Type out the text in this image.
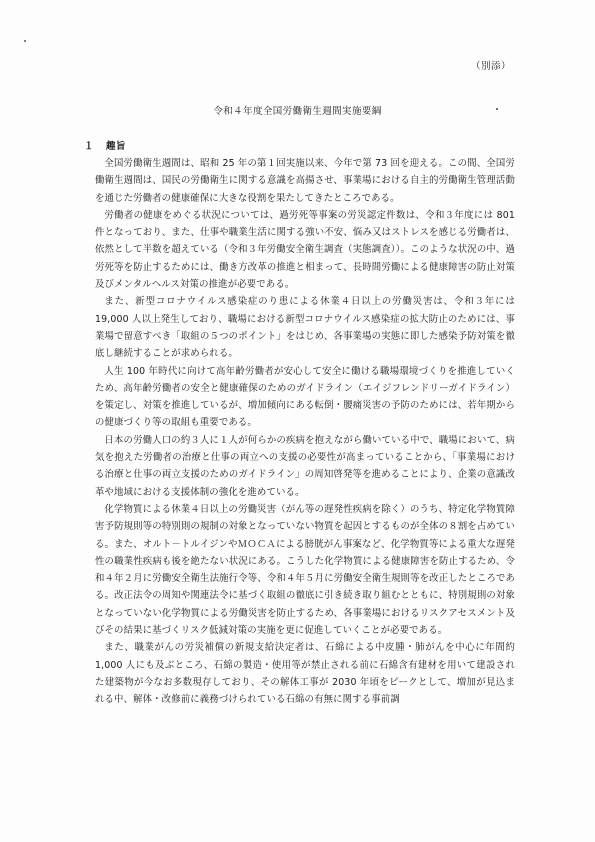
（別添）
令和４年度全国労働衛生週間実施要綱
１ 趣旨

全国労働衛生週間は、昭和 25 年の第１回実施以来、今年で第 73 回を迎える。この間、全国労働衛生週間は、国民の労働衛生に関する意識を高揚させ、事業場における自主的労働衛生管理活動を通じた労働者の健康確保に大きな役割を果たしてきたところである。

労働者の健康をめぐる状況については、過労死等事案の労災認定件数は、令和３年度には 801 件となっており、また、仕事や職業生活に関する強い不安、悩み又はストレスを感じる労働者は、依然として半数を超えている（令和３年労働安全衛生調査（実態調査））。このような状況の中、過労死等を防止するためには、働き方改革の推進と相まって、長時間労働による健康障害の防止対策及びメンタルヘルス対策の推進が必要である。

また、新型コロナウイルス感染症のり患による休業４日以上の労働災害は、令和３年には 19,000 人以上発生しており、職場における新型コロナウイルス感染症の拡大防止のためには、事業場で留意すべき「取組の５つのポイント」をはじめ、各事業場の実態に即した感染予防対策を徹底し継続することが求められる。

人生 100 年時代に向けて高年齢労働者が安心して安全に働ける職場環境づくりを推進していくため、高年齢労働者の安全と健康確保のためのガイドライン（エイジフレンドリーガイドライン）を策定し、対策を推進しているが、増加傾向にある転倒・腰痛災害の予防のためには、若年期からの健康づくり等の取組も重要である。

日本の労働人口の約３人に１人が何らかの疾病を抱えながら働いている中で、職場において、病気を抱えた労働者の治療と仕事の両立への支援の必要性が高まっていることから、「事業場における治療と仕事の両立支援のためのガイドライン」の周知啓発等を進めることにより、企業の意識改革や地域における支援体制の強化を進めている。

化学物質による休業４日以上の労働災害（がん等の遅発性疾病を除く）のうち、特定化学物質障害予防規則等の特別則の規制の対象となっていない物質を起因とするものが全体の８割を占めている。また、オルト－トルイジンやＭＯＣＡによる膀胱がん事案など、化学物質等による重大な遅発性の職業性疾病も後を絶たない状況にある。こうした化学物質による健康障害を防止するため、令和４年２月に労働安全衛生法施行令等、令和４年５月に労働安全衛生規則等を改正したところである。改正法令の周知や関連法令に基づく取組の徹底に引き続き取り組むとともに、特別規則の対象となっていない化学物質による労働災害を防止するため、各事業場におけるリスクアセスメント及びその結果に基づくリスク低減対策の実施を更に促進していくことが必要である。

また、職業がんの労災補償の新規支給決定者は、石綿による中皮腫・肺がんを中心に年間約 1,000 人にも及ぶところ、石綿の製造・使用等が禁止される前に石綿含有建材を用いて建設された建築物が今なお多数現存しており、その解体工事が 2030 年頃をピークとして、増加が見込まれる中、解体・改修前に義務づけられている石綿の有無に関する事前調
